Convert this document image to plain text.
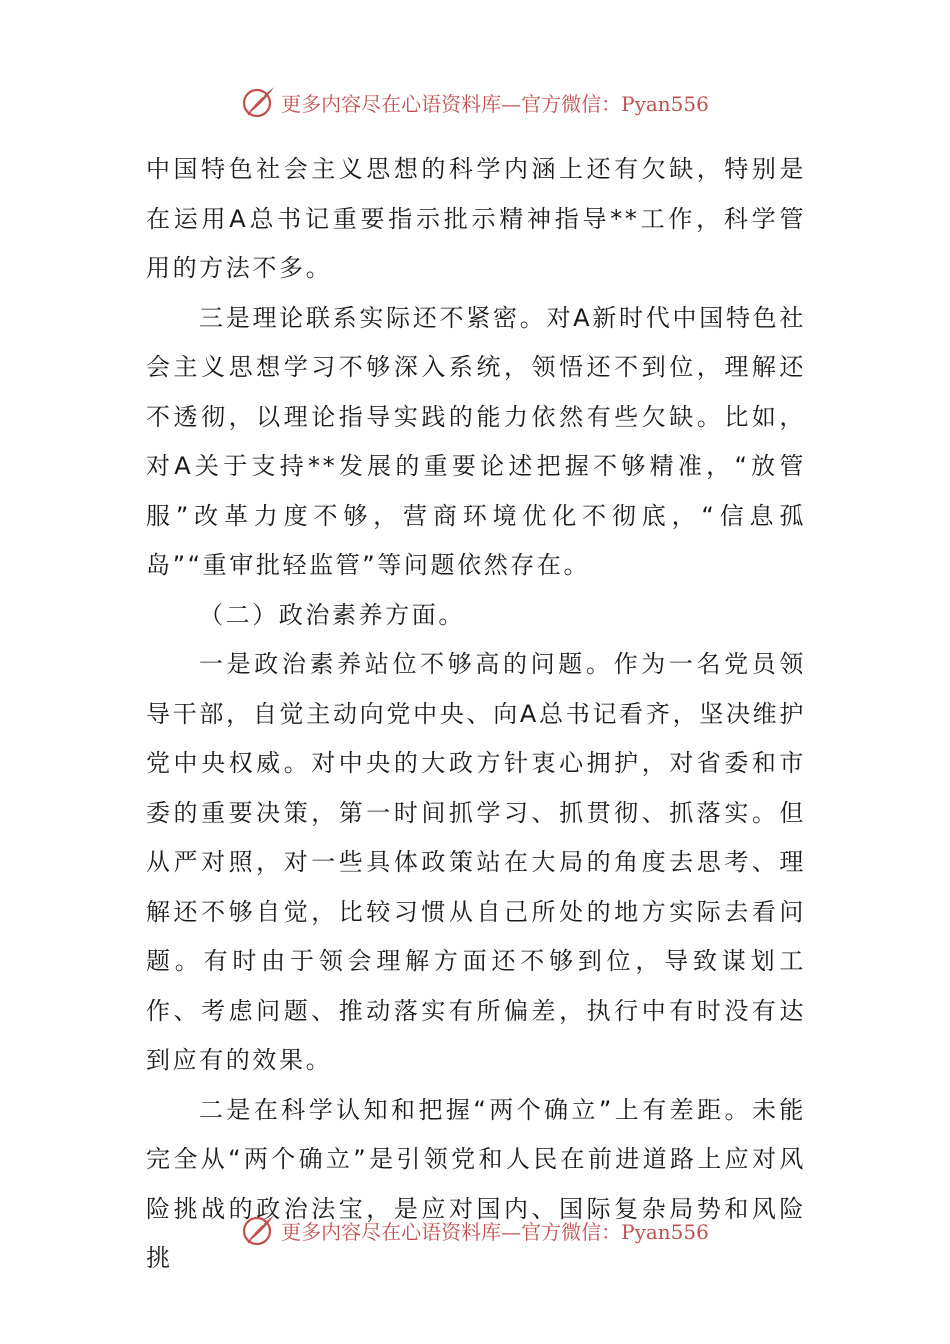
更多内容尽在心语资料库—官方微信：Pyan556

中国特色社会主义思想的科学内涵上还有欠缺，特别是在运用A总书记重要指示批示精神指导**工作，科学管用的方法不多。

三是理论联系实际还不紧密。对A新时代中国特色社会主义思想学习不够深入系统，领悟还不到位，理解还不透彻，以理论指导实践的能力依然有些欠缺。比如，对A关于支持**发展的重要论述把握不够精准，“放管服”改革力度不够，营商环境优化不彻底，“信息孤岛”“重审批轻监管”等问题依然存在。

（二）政治素养方面。

一是政治素养站位不够高的问题。作为一名党员领导干部，自觉主动向党中央、向A总书记看齐，坚决维护党中央权威。对中央的大政方针衷心拥护，对省委和市委的重要决策，第一时间抓学习、抓贯彻、抓落实。但从严对照，对一些具体政策站在大局的角度去思考、理解还不够自觉，比较习惯从自己所处的地方实际去看问题。有时由于领会理解方面还不够到位，导致谋划工作、考虑问题、推动落实有所偏差，执行中有时没有达到应有的效果。

二是在科学认知和把握“两个确立”上有差距。未能完全从“两个确立”是引领党和人民在前进道路上应对风险挑战的政治法宝，是应对国内、国际复杂局势和风险挑

更多内容尽在心语资料库—官方微信：Pyan556
